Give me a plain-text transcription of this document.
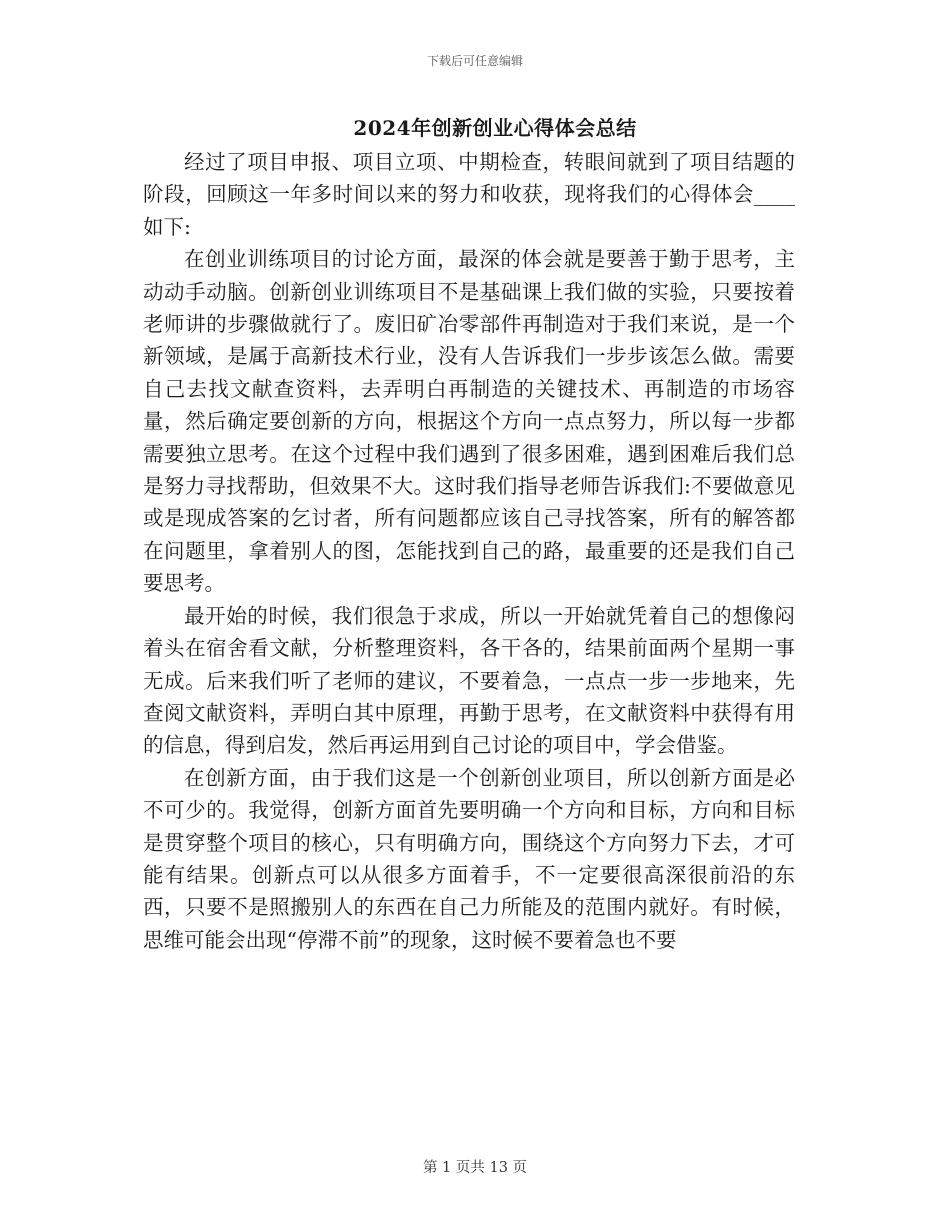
下载后可任意编辑
2024年创新创业心得体会总结

经过了项目申报、项目立项、中期检查，转眼间就到了项目结题的阶段，回顾这一年多时间以来的努力和收获，现将我们的心得体会____如下:

在创业训练项目的讨论方面，最深的体会就是要善于勤于思考，主动动手动脑。创新创业训练项目不是基础课上我们做的实验，只要按着老师讲的步骤做就行了。废旧矿冶零部件再制造对于我们来说，是一个新领域，是属于高新技术行业，没有人告诉我们一步步该怎么做。需要自己去找文献查资料，去弄明白再制造的关键技术、再制造的市场容量，然后确定要创新的方向，根据这个方向一点点努力，所以每一步都需要独立思考。在这个过程中我们遇到了很多困难，遇到困难后我们总是努力寻找帮助，但效果不大。这时我们指导老师告诉我们:不要做意见或是现成答案的乞讨者，所有问题都应该自己寻找答案，所有的解答都在问题里，拿着别人的图，怎能找到自己的路，最重要的还是我们自己要思考。

最开始的时候，我们很急于求成，所以一开始就凭着自己的想像闷着头在宿舍看文献，分析整理资料，各干各的，结果前面两个星期一事无成。后来我们听了老师的建议，不要着急，一点点一步一步地来，先查阅文献资料，弄明白其中原理，再勤于思考，在文献资料中获得有用的信息，得到启发，然后再运用到自己讨论的项目中，学会借鉴。

在创新方面，由于我们这是一个创新创业项目，所以创新方面是必不可少的。我觉得，创新方面首先要明确一个方向和目标，方向和目标是贯穿整个项目的核心，只有明确方向，围绕这个方向努力下去，才可能有结果。创新点可以从很多方面着手，不一定要很高深很前沿的东西，只要不是照搬别人的东西在自己力所能及的范围内就好。有时候，思维可能会出现“停滞不前”的现象，这时候不要着急也不要

第 1 页共 13 页
